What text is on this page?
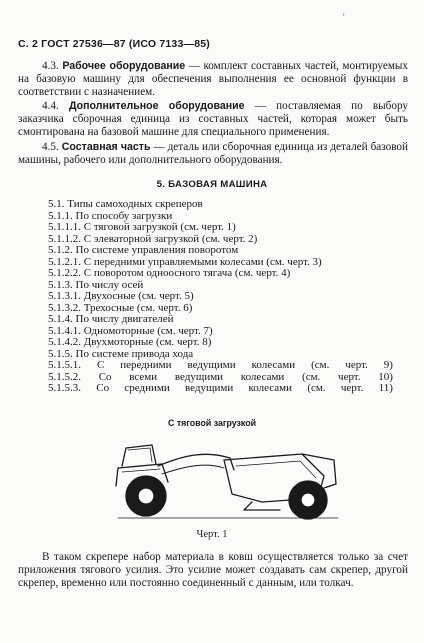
'
С. 2 ГОСТ 27536—87 (ИСО 7133—85)
4.3. Рабочее оборудование — комплект составных частей, монтируемых на базовую машину для обеспечения выполнения ее основной функции в соответствии с назначением.
4.4. Дополнительное оборудование — поставляемая по выбору заказчика сборочная единица из составных частей, которая может быть смонтирована на базовой машине для специального применения.
4.5. Составная часть — деталь или сборочная единица из деталей базовой машины, рабочего или дополнительного оборудования.
5. БАЗОВАЯ МАШИНА
5.1. Типы самоходных скреперов
5.1.1. По способу загрузки
5.1.1.1. С тяговой загрузкой (см. черт. 1)
5.1.1.2. С элеваторной загрузкой (см. черт. 2)
5.1.2. По системе управления поворотом
5.1.2.1. С передними управляемыми колесами (см. черт. 3)
5.1.2.2. С поворотом одноосного тягача (см. черт. 4)
5.1.3. По числу осей
5.1.3.1. Двухосные (см. черт. 5)
5.1.3.2. Трехосные (см. черт. 6)
5.1.4. По числу двигателей
5.1.4.1. Одномоторные (см. черт. 7)
5.1.4.2. Двухмоторные (см. черт. 8)
5.1.5. По системе привода хода
5.1.5.1. С передними ведущими колесами (см. черт. 9)
5.1.5.2. Со всеми ведущими колесами (см. черт. 10)
5.1.5.3. Со средними ведущими колесами (см. черт. 11)
С тяговой загрузкой
Черт. 1
В таком скрепере набор материала в ковш осуществляется только за счет приложения тягового усилия. Это усилие может создавать сам скрепер, другой скрепер, временно или постоянно соединенный с данным, или толкач.
